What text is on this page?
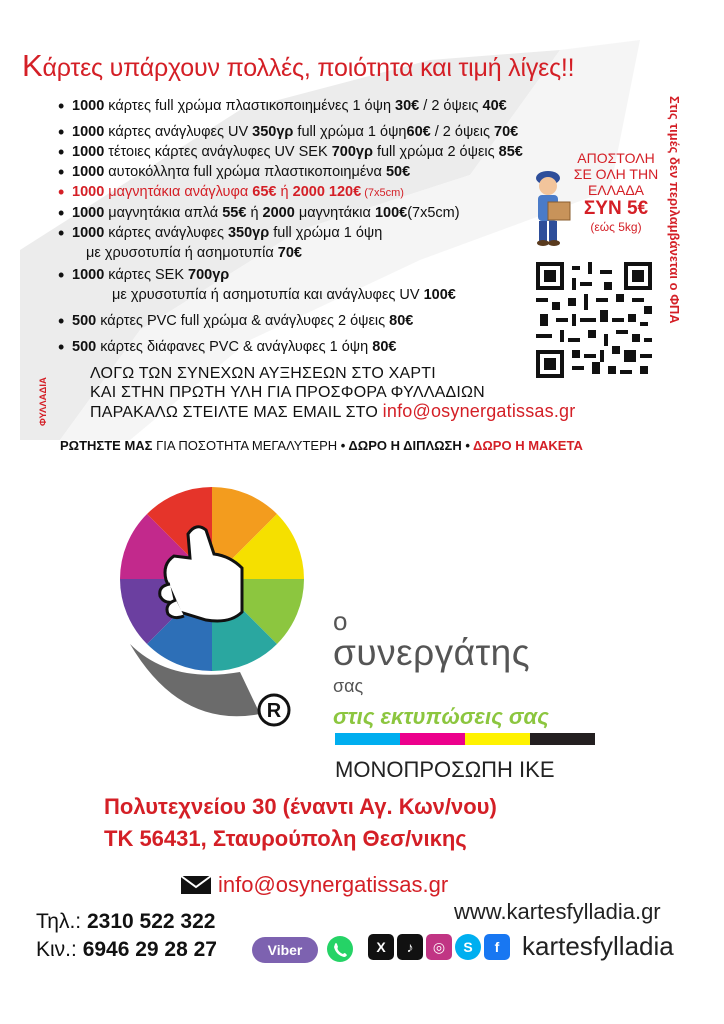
Κάρτες υπάρχουν πολλές, ποιότητα και τιμή λίγες!!
• 1000 κάρτες full χρώμα πλαστικοποιημένες 1 όψη 30€ / 2 όψεις 40€
• 1000 κάρτες ανάγλυφες UV 350γρ full χρώμα 1 όψη60€ / 2 όψεις 70€
• 1000 τέτοιες κάρτες ανάγλυφες UV SEK 700γρ full χρώμα 2 όψεις 85€
• 1000 αυτοκόλλητα full χρώμα πλαστικοποιημένα 50€
• 1000 μαγνητάκια ανάγλυφα 65€ ή 2000 120€ (7x5cm)
• 1000 μαγνητάκια απλά 55€ ή 2000 μαγνητάκια 100€(7x5cm)
• 1000 κάρτες ανάγλυφες 350γρ full χρώμα 1 όψη
με χρυσοτυπία ή ασημοτυπία 70€
• 1000 κάρτες SEK 700γρ
με χρυσοτυπία ή ασημοτυπία και ανάγλυφες UV 100€
• 500 κάρτες PVC full χρώμα & ανάγλυφες 2 όψεις 80€
• 500 κάρτες διάφανες PVC & ανάγλυφες 1 όψη 80€
ΦΥΛΛΑΔΙΑ
ΛΟΓΩ ΤΩΝ ΣΥΝΕΧΩΝ ΑΥΞΗΣΕΩΝ ΣΤΟ ΧΑΡΤΙ
ΚΑΙ ΣΤΗΝ ΠΡΩΤΗ ΥΛΗ ΓΙΑ ΠΡΟΣΦΟΡΑ ΦΥΛΛΑΔΙΩΝ
ΠΑΡΑΚΑΛΩ ΣΤΕΙΛΤΕ ΜΑΣ EMAIL ΣΤΟ info@osynergatissas.gr
Στις τιμές δεν περιλαμβάνεται ο ΦΠΑ
ΑΠΟΣΤΟΛΗ
ΣΕ ΟΛΗ ΤΗΝ
ΕΛΛΑΔΑ
ΣΥΝ 5€
(εώς 5kg)
ΡΩΤΗΣΤΕ ΜΑΣ ΓΙΑ ΠΟΣΟΤΗΤΑ ΜΕΓΑΛΥΤΕΡΗ • ΔΩΡΟ Η ΔΙΠΛΩΣΗ • ΔΩΡΟ Η ΜΑΚΕΤΑ
R
ο
συνεργάτης
σας
στις εκτυπώσεις σας
ΜΟΝΟΠΡΟΣΩΠΗ ΙΚΕ
Πολυτεχνείου 30 (έναντι Αγ. Κων/νου)
ΤΚ 56431, Σταυρούπολη Θεσ/νικης
info@osynergatissas.gr
Τηλ.: 2310 522 322
Κιν.: 6946 29 28 27	Viber
www.kartesfylladia.gr
X	♪	◎	S	f kartesfylladia
